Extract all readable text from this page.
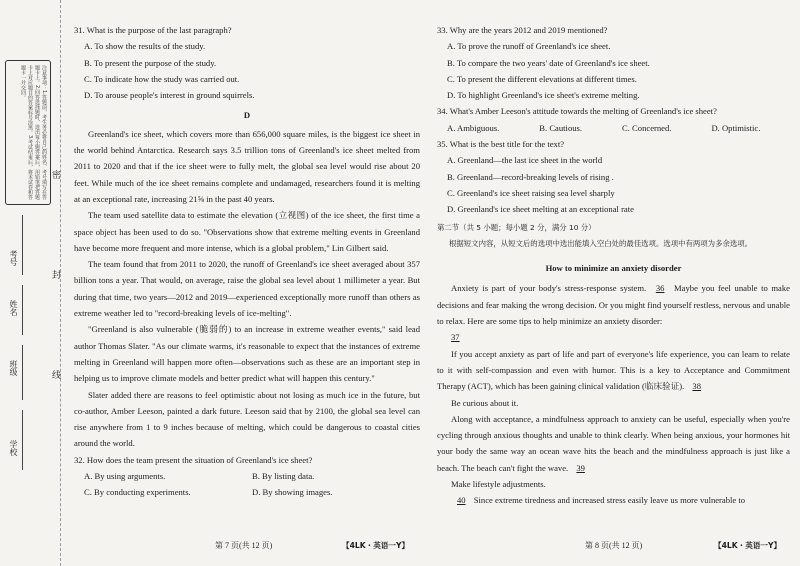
注意事项：1.答题前，考生务必将自己的姓名、考号填写在答题卡上。2.回答选择题时，选出每小题答案后，用铅笔把答题卡上对应题目的答案标号涂黑。3.考试结束后，将本试卷和答题卡一并交回。
考号
姓名
班级
学校
密
封
线

31. What is the purpose of the last paragraph?

A. To show the results of the study.

B. To present the purpose of the study.

C. To indicate how the study was carried out.

D. To arouse people's interest in ground squirrels.

D

Greenland's ice sheet, which covers more than 656,000 square miles, is the biggest ice sheet in the world behind Antarctica. Research says 3.5 trillion tons of Greenland's ice sheet melted from 2011 to 2020 and that if the ice sheet were to fully melt, the global sea level would rise about 20 feet. While much of the ice sheet remains complete and undamaged, researchers found it is melting at an exceptional rate, increasing 21⅝ in the past 40 years.

The team used satellite data to estimate the elevation (立视图) of the ice sheet, the first time a space object has been used to do so. "Observations show that extreme melting events in Greenland have become more frequent and more intense, which is a global problem," Lin Gilbert said.

The team found that from 2011 to 2020, the runoff of Greenland's ice sheet averaged about 357 billion tons a year. That would, on average, raise the global sea level about 1 millimeter a year. But during that time, two years—2012 and 2019—experienced exceptionally more runoff than others as extreme weather led to "record-breaking levels of ice-melting".

"Greenland is also vulnerable (脆弱的) to an increase in extreme weather events," said lead author Thomas Slater. "As our climate warms, it's reasonable to expect that the instances of extreme melting in Greenland will happen more often—observations such as these are an important step in helping us to improve climate models and better predict what will happen this century."

Slater added there are reasons to feel optimistic about not losing as much ice in the future, but co-author, Amber Leeson, painted a dark future. Leeson said that by 2100, the global sea level can rise anywhere from 1 to 9 inches because of melting, which could be dangerous to coastal cities around the world.

32. How does the team present the situation of Greenland's ice sheet?

A. By using arguments.	B. By listing data.

C. By conducting experiments.	D. By showing images.

第 7 页(共 12 页)	【4LK・英语一Y】

33. Why are the years 2012 and 2019 mentioned?

A. To prove the runoff of Greenland's ice sheet.

B. To compare the two years' date of Greenland's ice sheet.

C. To present the different elevations at different times.

D. To highlight Greenland's ice sheet's extreme melting.

34. What's Amber Leeson's attitude towards the melting of Greenland's ice sheet?

A. Ambiguous.	B. Cautious.	C. Concerned.	D. Optimistic.

35. What is the best title for the text?

A. Greenland—the last ice sheet in the world

B. Greenland—record-breaking levels of rising .

C. Greenland's ice sheet raising sea level sharply

D. Greenland's ice sheet melting at an exceptional rate

第二节（共 5 小题；每小题 2 分，满分 10 分）

根据短文内容，从短文后的选项中选出能填入空白处的最佳选项。选项中有两项为多余选项。

How to minimize an anxiety disorder

Anxiety is part of your body's stress-response system. 36 Maybe you feel unable to make decisions and fear making the wrong decision. Or you might find yourself restless, nervous and unable to relax. Here are some tips to help minimize an anxiety disorder:

37

If you accept anxiety as part of life and part of everyone's life experience, you can learn to relate to it with self-compassion and even with humor. This is a key to Acceptance and Commitment Therapy (ACT), which has been gaining clinical validation (临床验证). 38

Be curious about it.

Along with acceptance, a mindfulness approach to anxiety can be useful, especially when you're cycling through anxious thoughts and unable to think clearly. When being anxious, your hormones hit your body the same way an ocean wave hits the beach and the mindfulness approach is just like a beach. The beach can't fight the wave. 39

Make lifestyle adjustments.

40 Since extreme tiredness and increased stress easily leave us more vulnerable to

第 8 页(共 12 页)	【4LK・英语一Y】
